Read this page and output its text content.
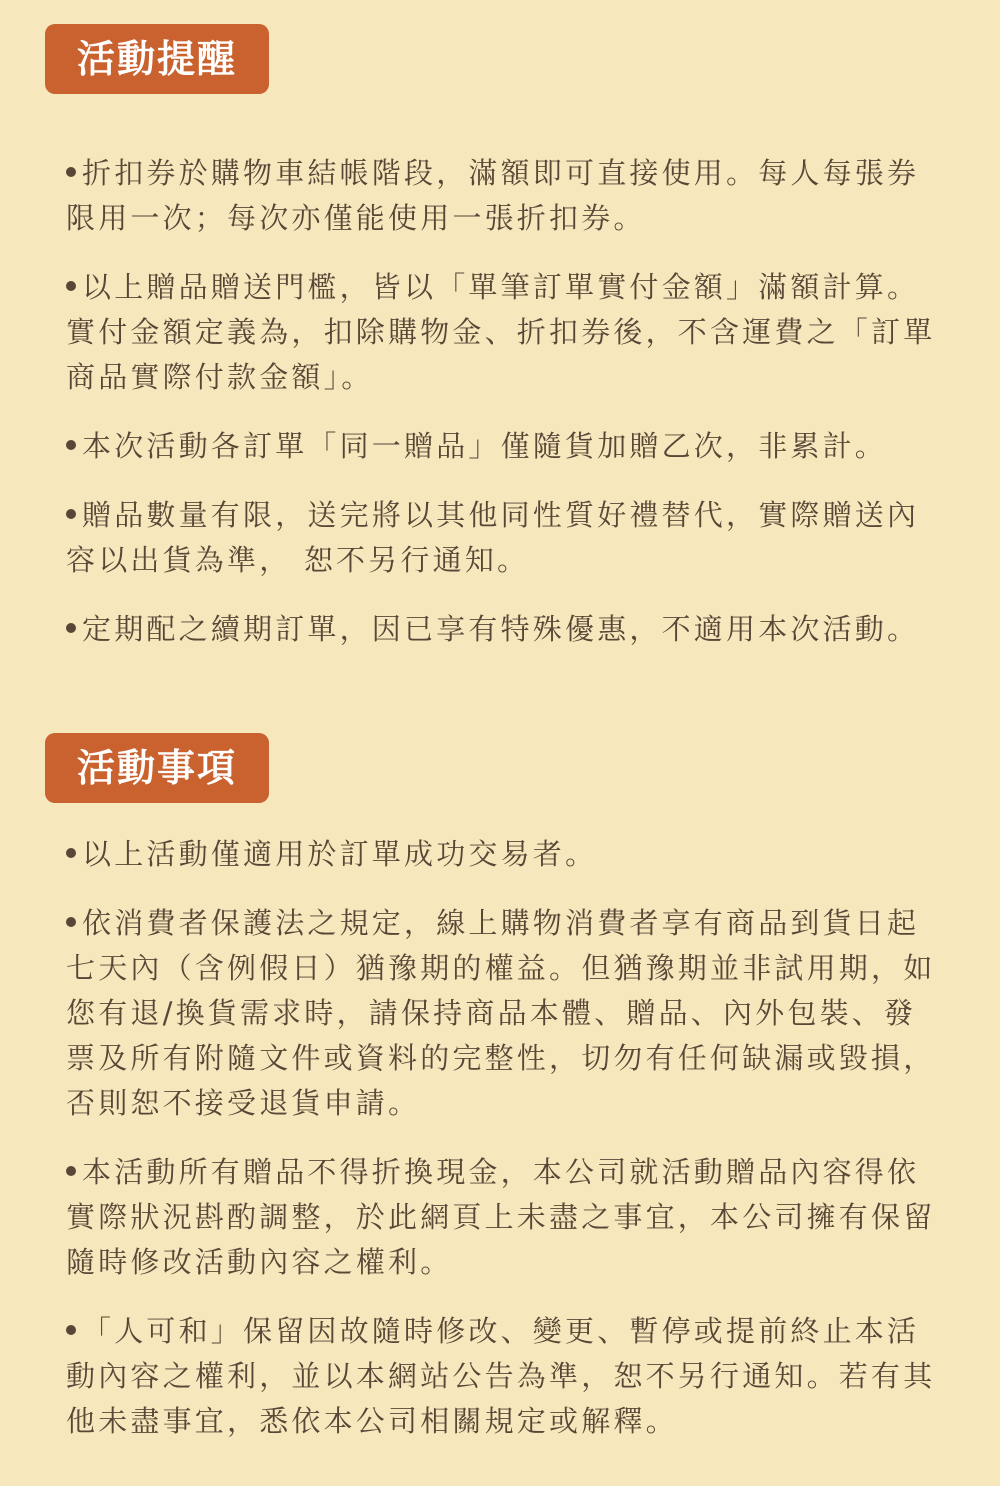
活動提醒
折扣券於購物車結帳階段，滿額即可直接使用。每人每張券限用一次；每次亦僅能使用一張折扣券。
以上贈品贈送門檻，皆以「單筆訂單實付金額」滿額計算。實付金額定義為，扣除購物金、折扣券後，不含運費之「訂單商品實際付款金額」。
本次活動各訂單「同一贈品」僅隨貨加贈乙次，非累計。
贈品數量有限，送完將以其他同性質好禮替代，實際贈送內容以出貨為準， 恕不另行通知。
定期配之續期訂單，因已享有特殊優惠，不適用本次活動。
活動事項
以上活動僅適用於訂單成功交易者。
依消費者保護法之規定，線上購物消費者享有商品到貨日起七天內（含例假日）猶豫期的權益。但猶豫期並非試用期，如您有退/換貨需求時，請保持商品本體、贈品、內外包裝、發票及所有附隨文件或資料的完整性，切勿有任何缺漏或毀損，否則恕不接受退貨申請。
本活動所有贈品不得折換現金，本公司就活動贈品內容得依實際狀況斟酌調整，於此網頁上未盡之事宜，本公司擁有保留隨時修改活動內容之權利。
「人可和」保留因故隨時修改、變更、暫停或提前終止本活動內容之權利，並以本網站公告為準，恕不另行通知。若有其他未盡事宜，悉依本公司相關規定或解釋。
